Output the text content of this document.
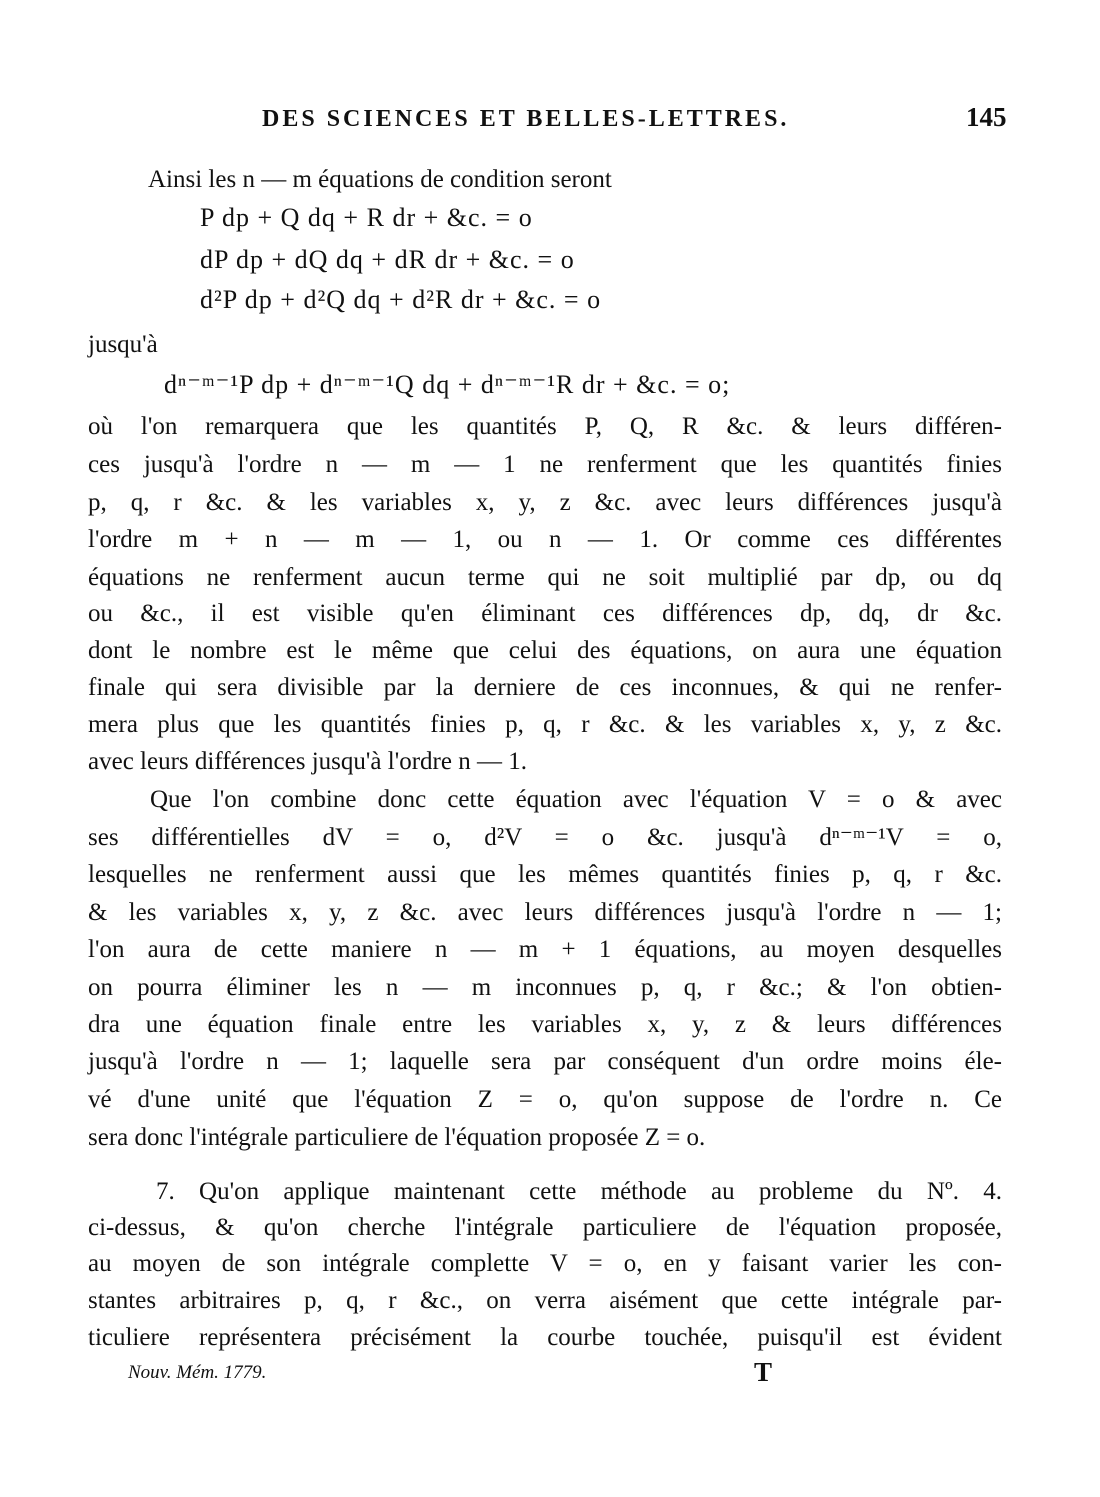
DES SCIENCES ET BELLES-LETTRES.	145
Ainsi les n — m équations de condition seront
P dp + Q dq + R dr + &c. = o
dP dp + dQ dq + dR dr + &c. = o
d²P dp + d²Q dq + d²R dr + &c. = o
jusqu'à
dⁿ⁻ᵐ⁻¹P dp + dⁿ⁻ᵐ⁻¹Q dq + dⁿ⁻ᵐ⁻¹R dr + &c. = o;
où l'on remarquera que les quantités P, Q, R &c. & leurs différen-
ces jusqu'à l'ordre n — m — 1 ne renferment que les quantités finies
p, q, r &c. & les variables x, y, z &c. avec leurs différences jusqu'à
l'ordre m + n — m — 1, ou n — 1. Or comme ces différentes
équations ne renferment aucun terme qui ne soit multiplié par dp, ou dq
ou &c., il est visible qu'en éliminant ces différences dp, dq, dr &c.
dont le nombre est le même que celui des équations, on aura une équation
finale qui sera divisible par la derniere de ces inconnues, & qui ne renfer-
mera plus que les quantités finies p, q, r &c. & les variables x, y, z &c.
avec leurs différences jusqu'à l'ordre n — 1.
Que l'on combine donc cette équation avec l'équation V = o & avec
ses différentielles dV = o, d²V = o &c. jusqu'à dⁿ⁻ᵐ⁻¹V = o,
lesquelles ne renferment aussi que les mêmes quantités finies p, q, r &c.
& les variables x, y, z &c. avec leurs différences jusqu'à l'ordre n — 1;
l'on aura de cette maniere n — m + 1 équations, au moyen desquelles
on pourra éliminer les n — m inconnues p, q, r &c.; & l'on obtien-
dra une équation finale entre les variables x, y, z & leurs différences
jusqu'à l'ordre n — 1; laquelle sera par conséquent d'un ordre moins éle-
vé d'une unité que l'équation Z = o, qu'on suppose de l'ordre n. Ce
sera donc l'intégrale particuliere de l'équation proposée Z = o.
7. Qu'on applique maintenant cette méthode au probleme du Nº. 4.
ci-dessus, & qu'on cherche l'intégrale particuliere de l'équation proposée,
au moyen de son intégrale complette V = o, en y faisant varier les con-
stantes arbitraires p, q, r &c., on verra aisément que cette intégrale par-
ticuliere représentera précisément la courbe touchée, puisqu'il est évident
Nouv. Mém. 1779.	T
